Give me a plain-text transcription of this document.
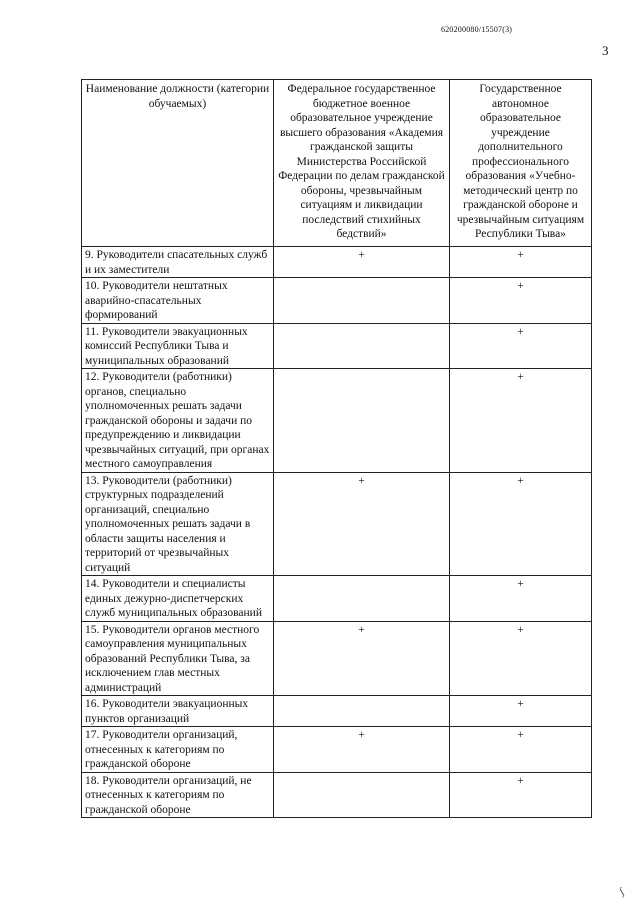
620200080/15507(3)
3
Наименование должности (категории обучаемых)	Федеральное государственное бюджетное военное образовательное учреждение высшего образования «Академия гражданской защиты Министерства Российской Федерации по делам гражданской обороны, чрезвычайным ситуациям и ликвидации последствий стихийных бедствий»	Государственное автономное образовательное учреждение дополнительного профессионального образования «Учебно-методический центр по гражданской обороне и чрезвычайным ситуациям Республики Тыва»
9. Руководители спасательных служб и их заместители	+	+
10. Руководители нештатных аварийно-спасательных формирований		+
11. Руководители эвакуационных комиссий Республики Тыва и муниципальных образований		+
12. Руководители (работники) органов, специально уполномоченных решать задачи гражданской обороны и задачи по предупреждению и ликвидации чрезвычайных ситуаций, при органах местного самоуправления		+
13. Руководители (работники) структурных подразделений организаций, специально уполномоченных решать задачи в области защиты населения и территорий от чрезвычайных ситуаций	+	+
14. Руководители и специалисты единых дежурно-диспетчерских служб муниципальных образований		+
15. Руководители органов местного самоуправления муниципальных образований Республики Тыва, за исключением глав местных администраций	+	+
16. Руководители эвакуационных пунктов организаций		+
17. Руководители организаций, отнесенных к категориям по гражданской обороне	+	+
18. Руководители организаций, не отнесенных к категориям по гражданской обороне		+
ʃ
